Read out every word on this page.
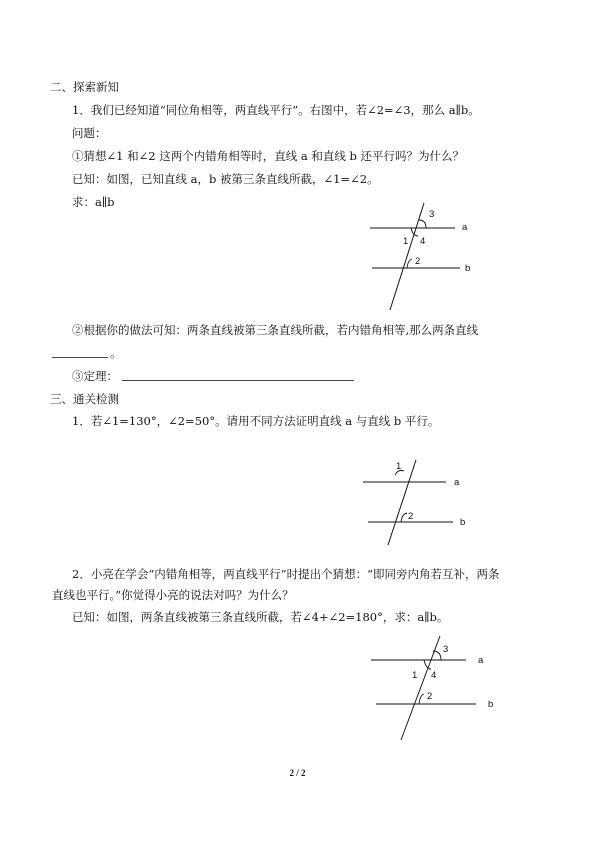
二、探索新知
1．我们已经知道“同位角相等，两直线平行”。右图中，若∠2=∠3，那么 a∥b。
问题：
①猜想∠1 和∠2 这两个内错角相等时，直线 a 和直线 b 还平行吗？为什么？
已知：如图，已知直线 a，b 被第三条直线所截，∠1=∠2。
求：a∥b
a
b
1 4
3
2
②根据你的做法可知：两条直线被第三条直线所截，若内错角相等,那么两条直线
。
③定理：
三、通关检测
1．若∠1=130°，∠2=50°。请用不同方法证明直线 a 与直线 b 平行。
a
b
1
2
2．小亮在学会“内错角相等，两直线平行”时提出个猜想：“即同旁内角若互补，两条
直线也平行。”你觉得小亮的说法对吗？为什么？
已知：如图，两条直线被第三条直线所截，若∠4+∠2=180°，求：a∥b。
a
b
1 4
3
2
2 / 2
